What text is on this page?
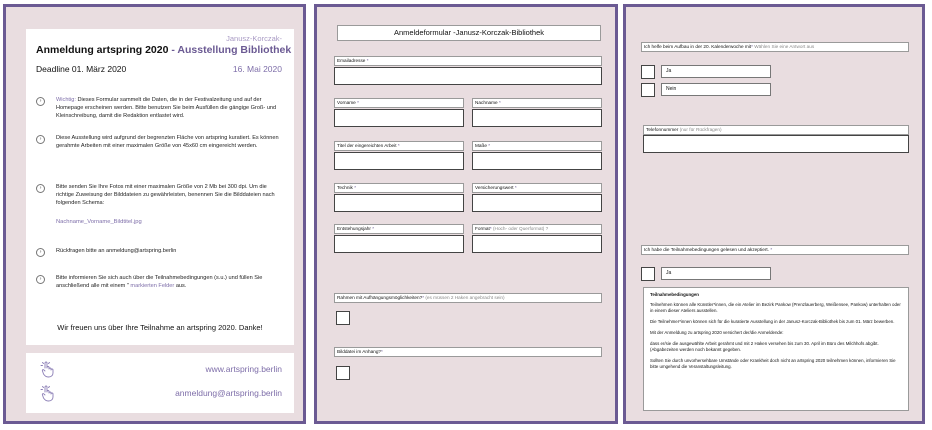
Janusz-Korczak-
Anmeldung artspring 2020 - Ausstellung Bibliothek
Deadline 01. März 2020	16. Mai 2020
›	Wichtig: Dieses Formular sammelt die Daten, die in der Festivalzeitung und auf der Homepage erscheinen werden. Bitte benutzen Sie beim Ausfüllen die gängige Groß- und Kleinschreibung, damit die Redaktion entlastet wird.
›	Diese Ausstellung wird aufgrund der begrenzten Fläche von artspring kuratiert. Es können gerahmte Arbeiten mit einer maximalen Größe von 45x60 cm eingereicht werden.
›	Bitte senden Sie Ihre Fotos mit einer maximalen Größe von 2 Mb bei 300 dpi. Um die richtige Zuweisung der Bilddateien zu gewährleisten, benennen Sie die Bilddateien nach folgenden Schema:
Nachname_Vorname_Bildtitel.jpg
›	Rückfragen bitte an anmeldung@artspring.berlin
›	Bitte informieren Sie sich auch über die Teilnahmebedingungen (s.u.) und füllen Sie anschließend alle mit einem " markierten Felder aus.
Wir freuen uns über Ihre Teilnahme an artspring 2020. Danke!
www.artspring.berlin
anmeldung@artspring.berlin
Anmeldeformular -Janusz-Korczak-Bibliothek
Emailadresse *
Vorname *	Nachname *
Titel der eingereichten Arbeit *	Maße *
Technik *	Versicherungswert *
Entstehungsjahr *	Format* (Hoch- oder Querformat) ?
Rahmen mit Aufhängungsmöglichkeiten?* (es müssen 2 Haken angebracht sein)
Bilddatei im Anhang?*
Ich helfe beim Aufbau in der 20. Kalenderwoche mit* Wählen Sie eine Antwort aus
Ja
Nein
Telefonnummer (nur für Rückfragen)
Ich habe die Teilnahmebedingungen gelesen und akzeptiert. *
Ja
Teilnahmebedingungen

Teilnehmen können alle Künstler*innen, die ein Atelier im Bezirk Pankow (Prenzlauerberg, Weißensee, Pankow) unterhalten oder in einem dieser Ateliers ausstellen.

Die Teilnehmer*innen können sich für die kuratierte Ausstellung in der Janusz-Korczak-Bibliothek bis zum 01. März bewerben.

Mit der Anmeldung zu artspring 2020 versichert der/die Anmeldende:

dass er/sie die ausgewählte Arbeit gerahmt und mit 2 Haken versehen bis zum 30. April im Büro des Milchhofs abgibt. (Abgabezeiten werden noch bekannt gegeben.

Sollten Sie durch unvorhersehbare Umstände oder Krankheit doch nicht an artspring 2020 teilnehmen können, informieren Sie bitte umgehend die Veranstaltungsleitung.
